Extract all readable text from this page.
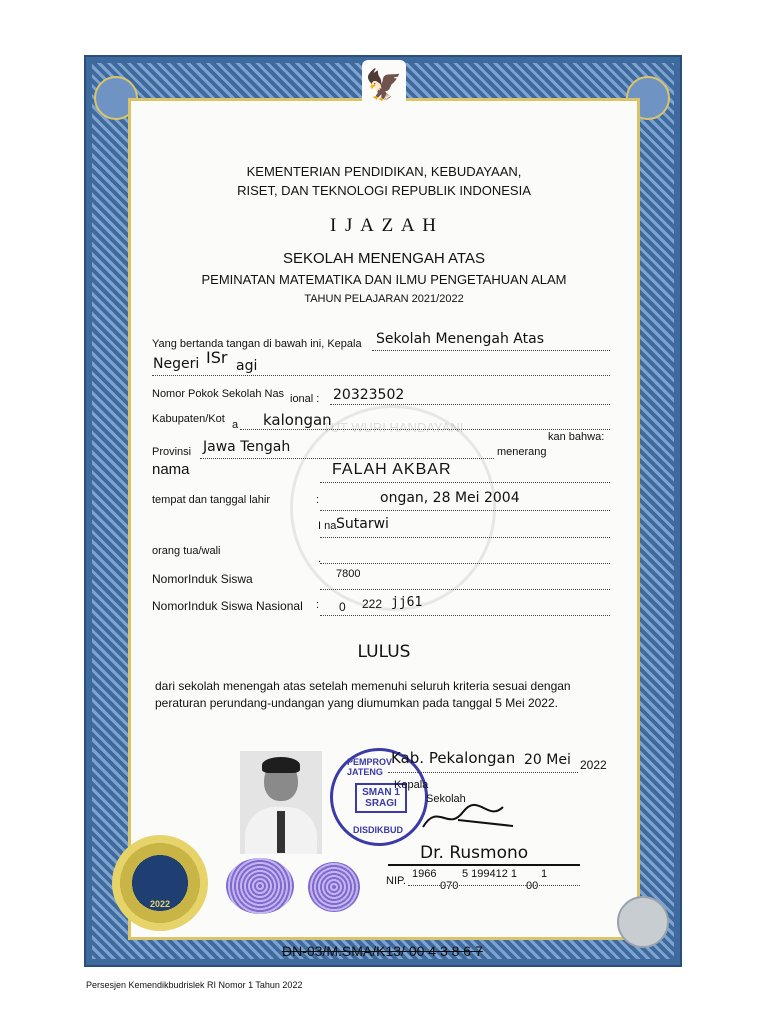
🦅
TUT WURI HANDAYANI
KEMENTERIAN PENDIDIKAN, KEBUDAYAAN,
RISET, DAN TEKNOLOGI REPUBLIK INDONESIA
I J A Z A H
SEKOLAH MENENGAH ATAS
PEMINATAN MATEMATIKA DAN ILMU PENGETAHUAN ALAM
TAHUN PELAJARAN 2021/2022
Yang bertanda tangan di bawah ini, Kepala Sekolah Menengah Atas
Negeri ISr agi
Nomor Pokok Sekolah Nas ional : 20323502
Kabupaten/Kot a kalongan
kan bahwa:
Provinsi Jawa Tengah	menerang
nama	FALAH AKBAR
tempat dan tanggal lahir	:	ongan, 28 Mei 2004
I na Sutarwi
orang tua/wali
.
NomorInduk Siswa	7800
NomorInduk Siswa Nasional : 0 222 jj61
LULUS
dari sekolah menengah atas setelah memenuhi seluruh kriteria sesuai dengan
peraturan perundang-undangan yang diumumkan pada tanggal 5 Mei 2022.
PEMPROV JATENG
SMAN 1 SRAGI
DISDIKBUD
Kab. Pekalongan 20 Mei 2022
Kepala
Sekolah
Dr. Rusmono
NIP.
1966 5 199412 1 1
070	00
2022
DN-03/M.SMA/K13/ 00 4 3 8 6 7
Persesjen Kemendikbudrislek RI Nomor 1 Tahun 2022
